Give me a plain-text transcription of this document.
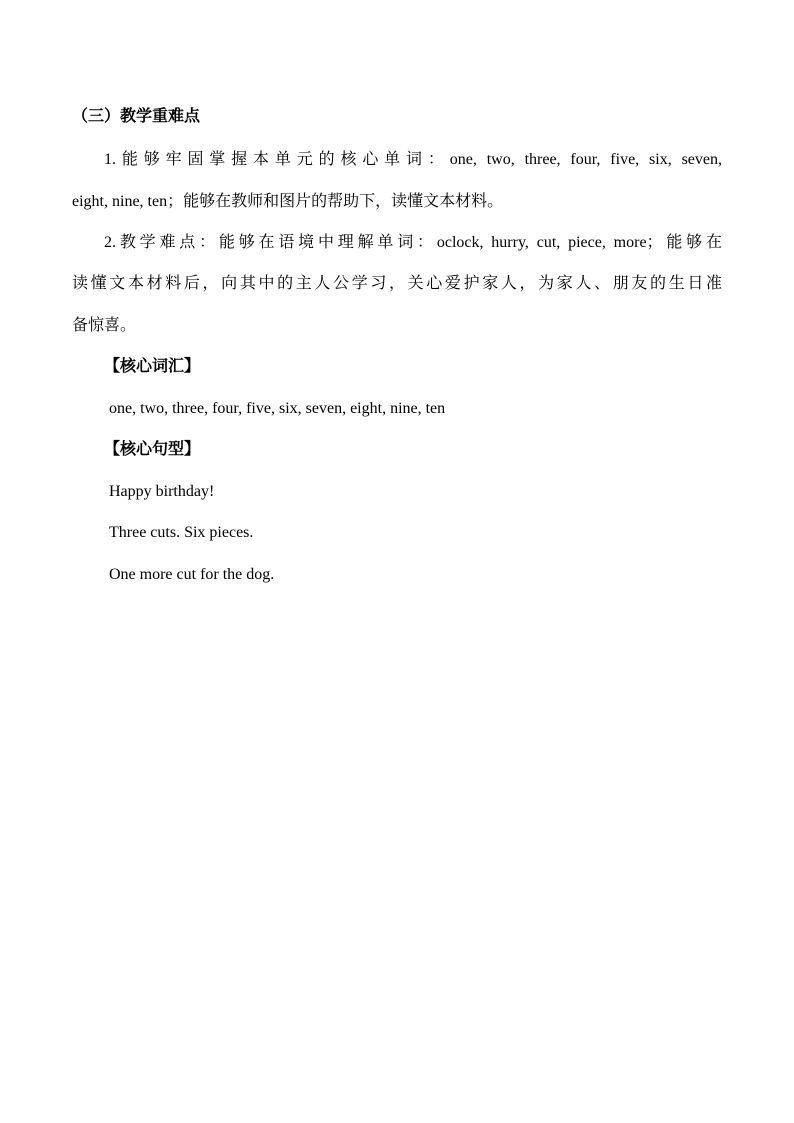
（三）教学重难点
1.能够牢固掌握本单元的核心单词：one, two, three, four, five, six, seven,
eight, nine, ten；能够在教师和图片的帮助下，读懂文本材料。
2.教学难点：能够在语境中理解单词：oclock, hurry, cut, piece, more；能够在
读懂文本材料后，向其中的主人公学习，关心爱护家人，为家人、朋友的生日准
备惊喜。
【核心词汇】
one, two, three, four, five, six, seven, eight, nine, ten
【核心句型】
Happy birthday!
Three cuts. Six pieces.
One more cut for the dog.
